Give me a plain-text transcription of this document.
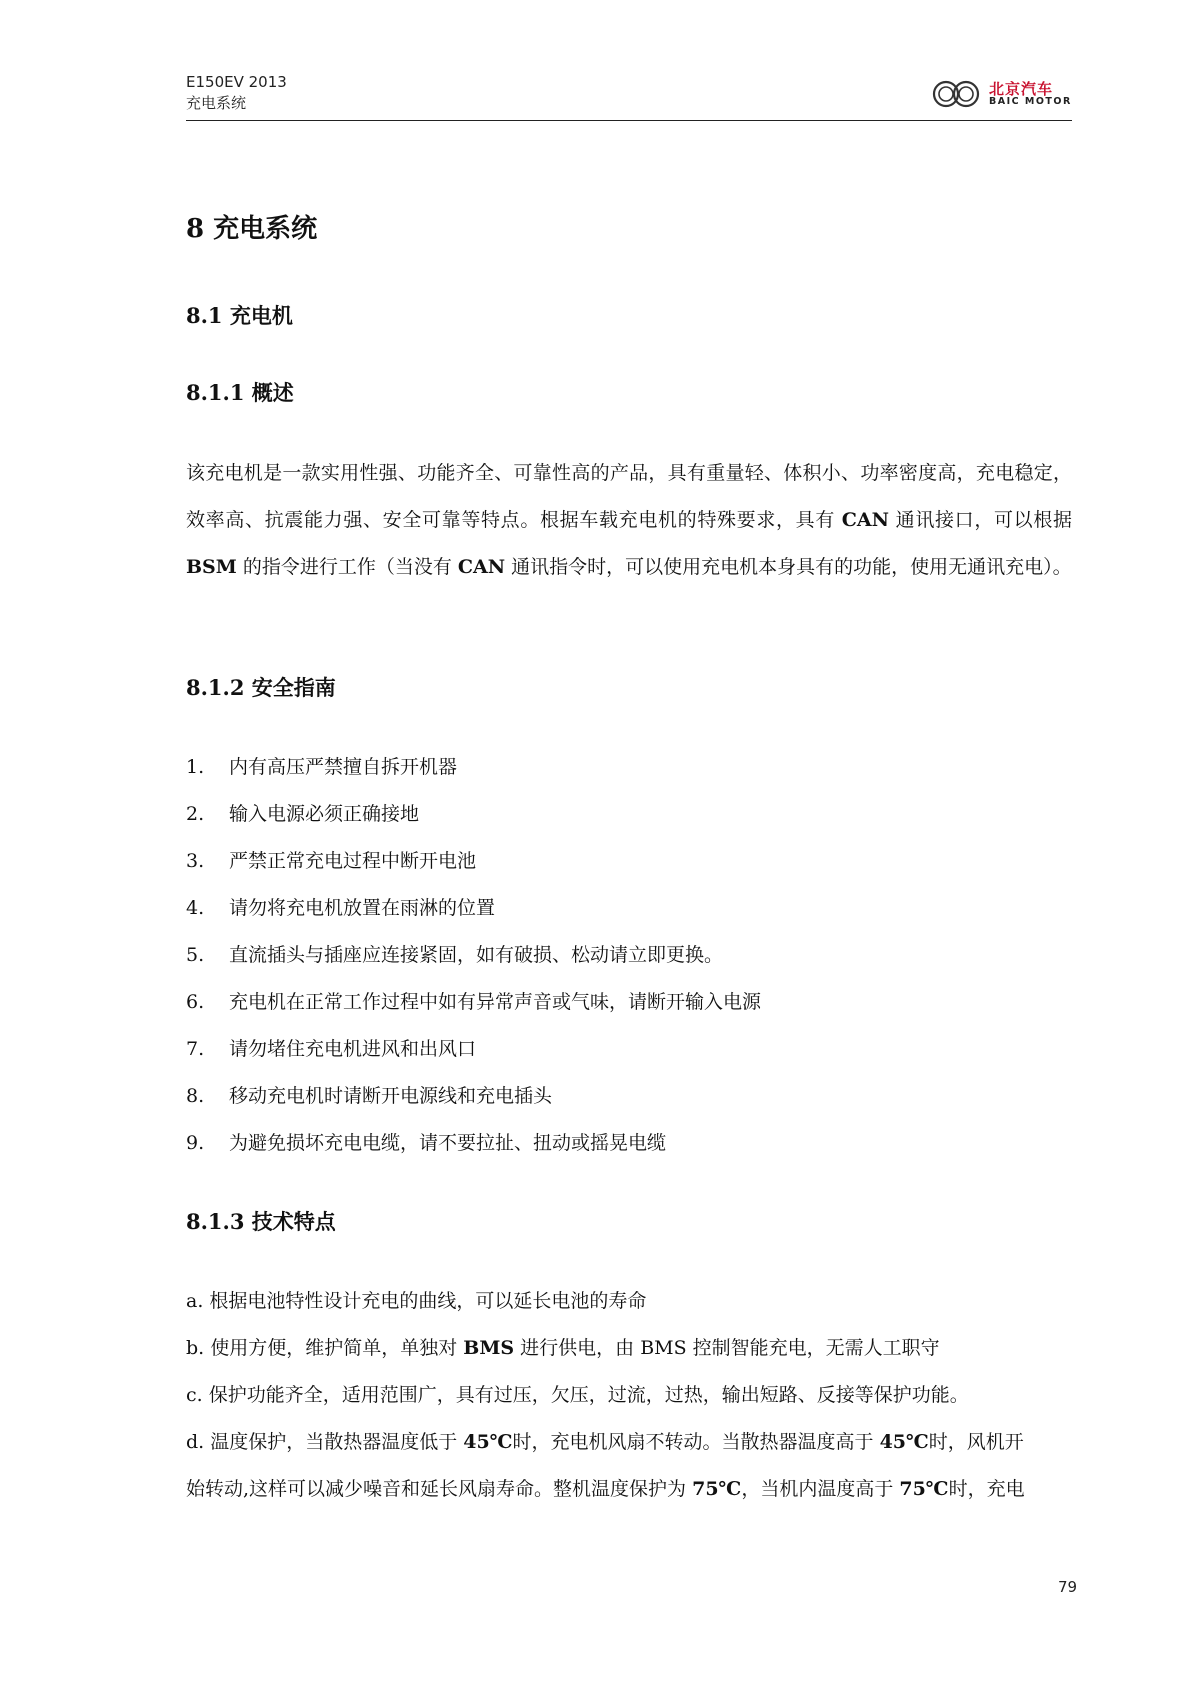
E150EV 2013
充电系统
北京汽车
BAIC MOTOR
8 充电系统
8.1 充电机
8.1.1 概述
该充电机是一款实用性强、功能齐全、可靠性高的产品，具有重量轻、体积小、功率密度高，充电稳定，效率高、抗震能力强、安全可靠等特点。根据车载充电机的特殊要求，具有 CAN 通讯接口，可以根据 BSM 的指令进行工作（当没有 CAN 通讯指令时，可以使用充电机本身具有的功能，使用无通讯充电）。
8.1.2 安全指南
1. 内有高压严禁擅自拆开机器
2. 输入电源必须正确接地
3. 严禁正常充电过程中断开电池
4. 请勿将充电机放置在雨淋的位置
5. 直流插头与插座应连接紧固，如有破损、松动请立即更换。
6. 充电机在正常工作过程中如有异常声音或气味，请断开输入电源
7. 请勿堵住充电机进风和出风口
8. 移动充电机时请断开电源线和充电插头
9. 为避免损坏充电电缆，请不要拉扯、扭动或摇晃电缆
8.1.3 技术特点
a. 根据电池特性设计充电的曲线，可以延长电池的寿命
b. 使用方便，维护简单，单独对 BMS 进行供电，由 BMS 控制智能充电，无需人工职守
c. 保护功能齐全，适用范围广，具有过压，欠压，过流，过热，输出短路、反接等保护功能。
d. 温度保护，当散热器温度低于 45℃时，充电机风扇不转动。当散热器温度高于 45℃时，风机开
始转动,这样可以减少噪音和延长风扇寿命。整机温度保护为 75℃，当机内温度高于 75℃时，充电
79
